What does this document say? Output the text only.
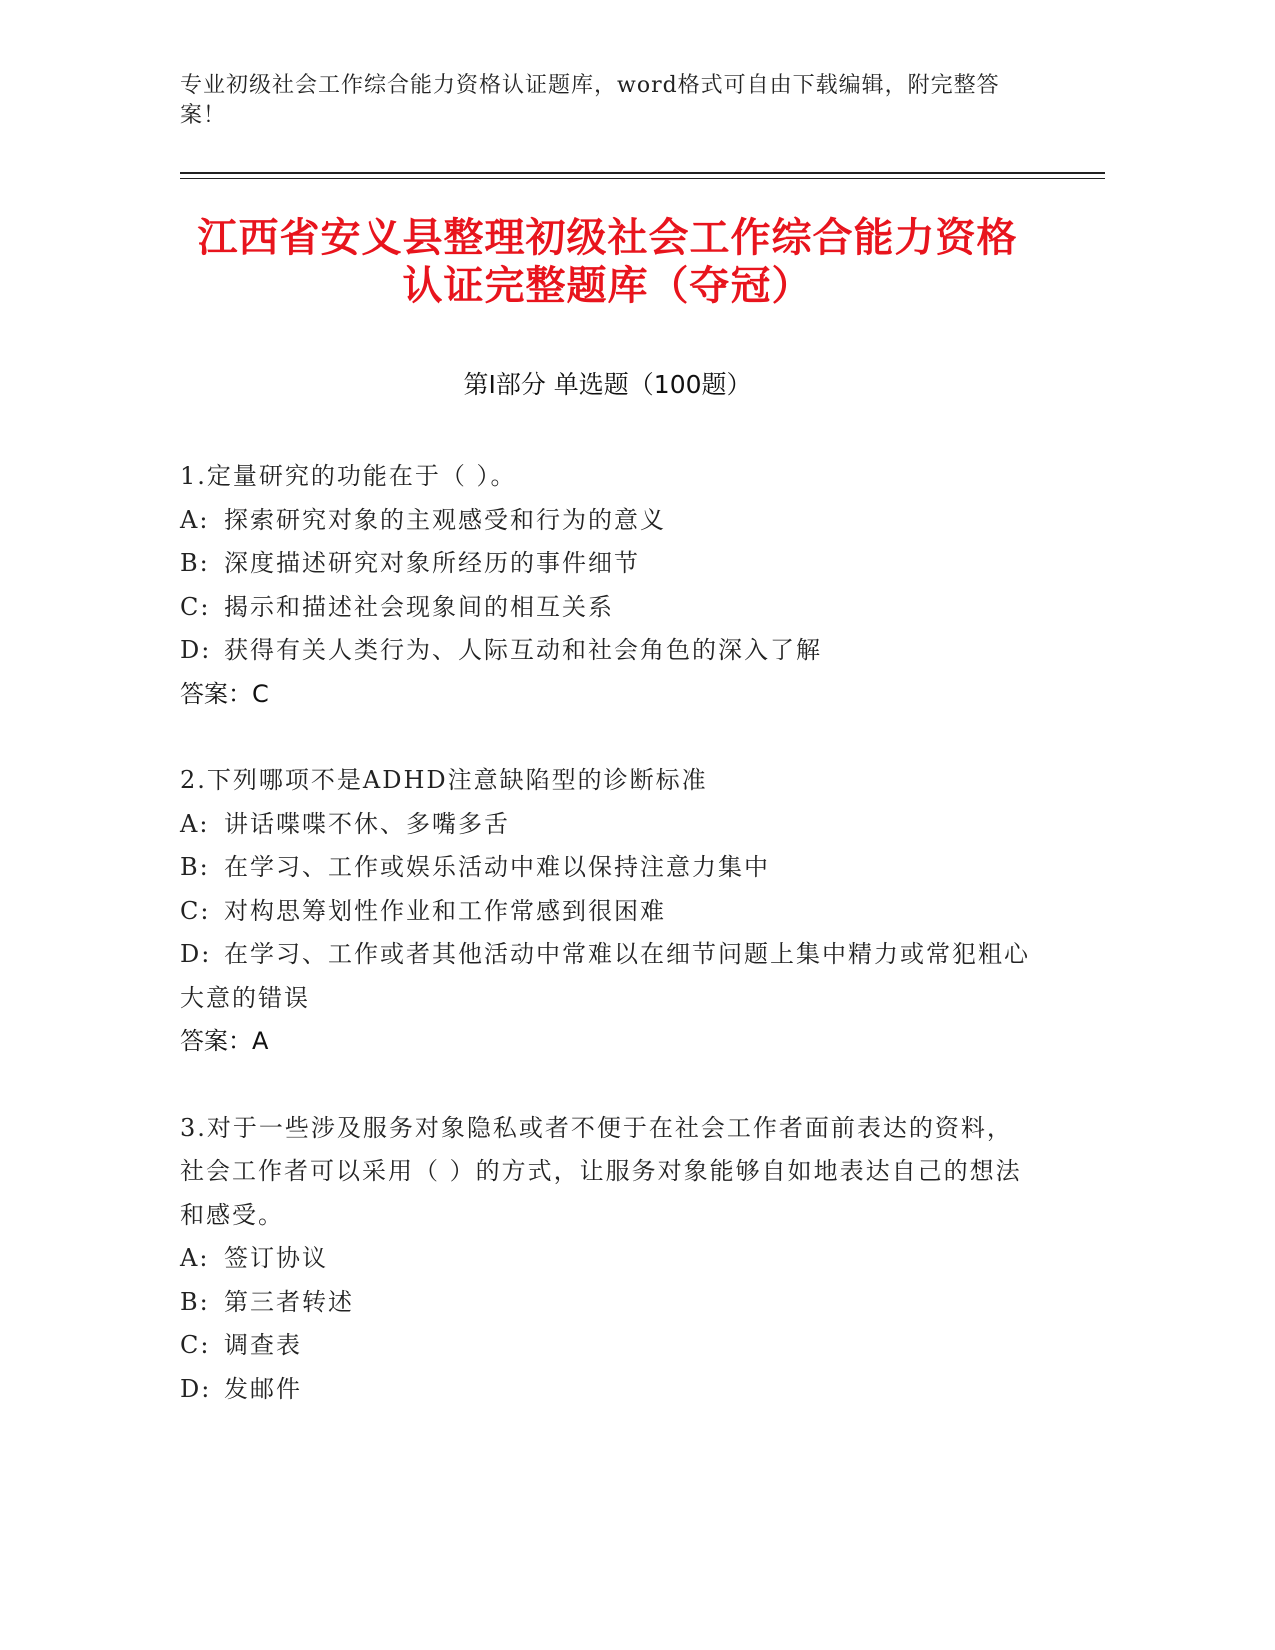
专业初级社会工作综合能力资格认证题库，word格式可自由下载编辑，附完整答案！
江西省安义县整理初级社会工作综合能力资格认证完整题库（夺冠）
第Ⅰ部分 单选题（100题）
1.定量研究的功能在于（ ）。
A: 探索研究对象的主观感受和行为的意义
B: 深度描述研究对象所经历的事件细节
C: 揭示和描述社会现象间的相互关系
D: 获得有关人类行为、人际互动和社会角色的深入了解
答案：C
2.下列哪项不是ADHD注意缺陷型的诊断标准
A: 讲话喋喋不休、多嘴多舌
B: 在学习、工作或娱乐活动中难以保持注意力集中
C: 对构思筹划性作业和工作常感到很困难
D: 在学习、工作或者其他活动中常难以在细节问题上集中精力或常犯粗心大意的错误
答案：A
3.对于一些涉及服务对象隐私或者不便于在社会工作者面前表达的资料，社会工作者可以采用（ ）的方式，让服务对象能够自如地表达自己的想法和感受。
A: 签订协议
B: 第三者转述
C: 调查表
D: 发邮件
